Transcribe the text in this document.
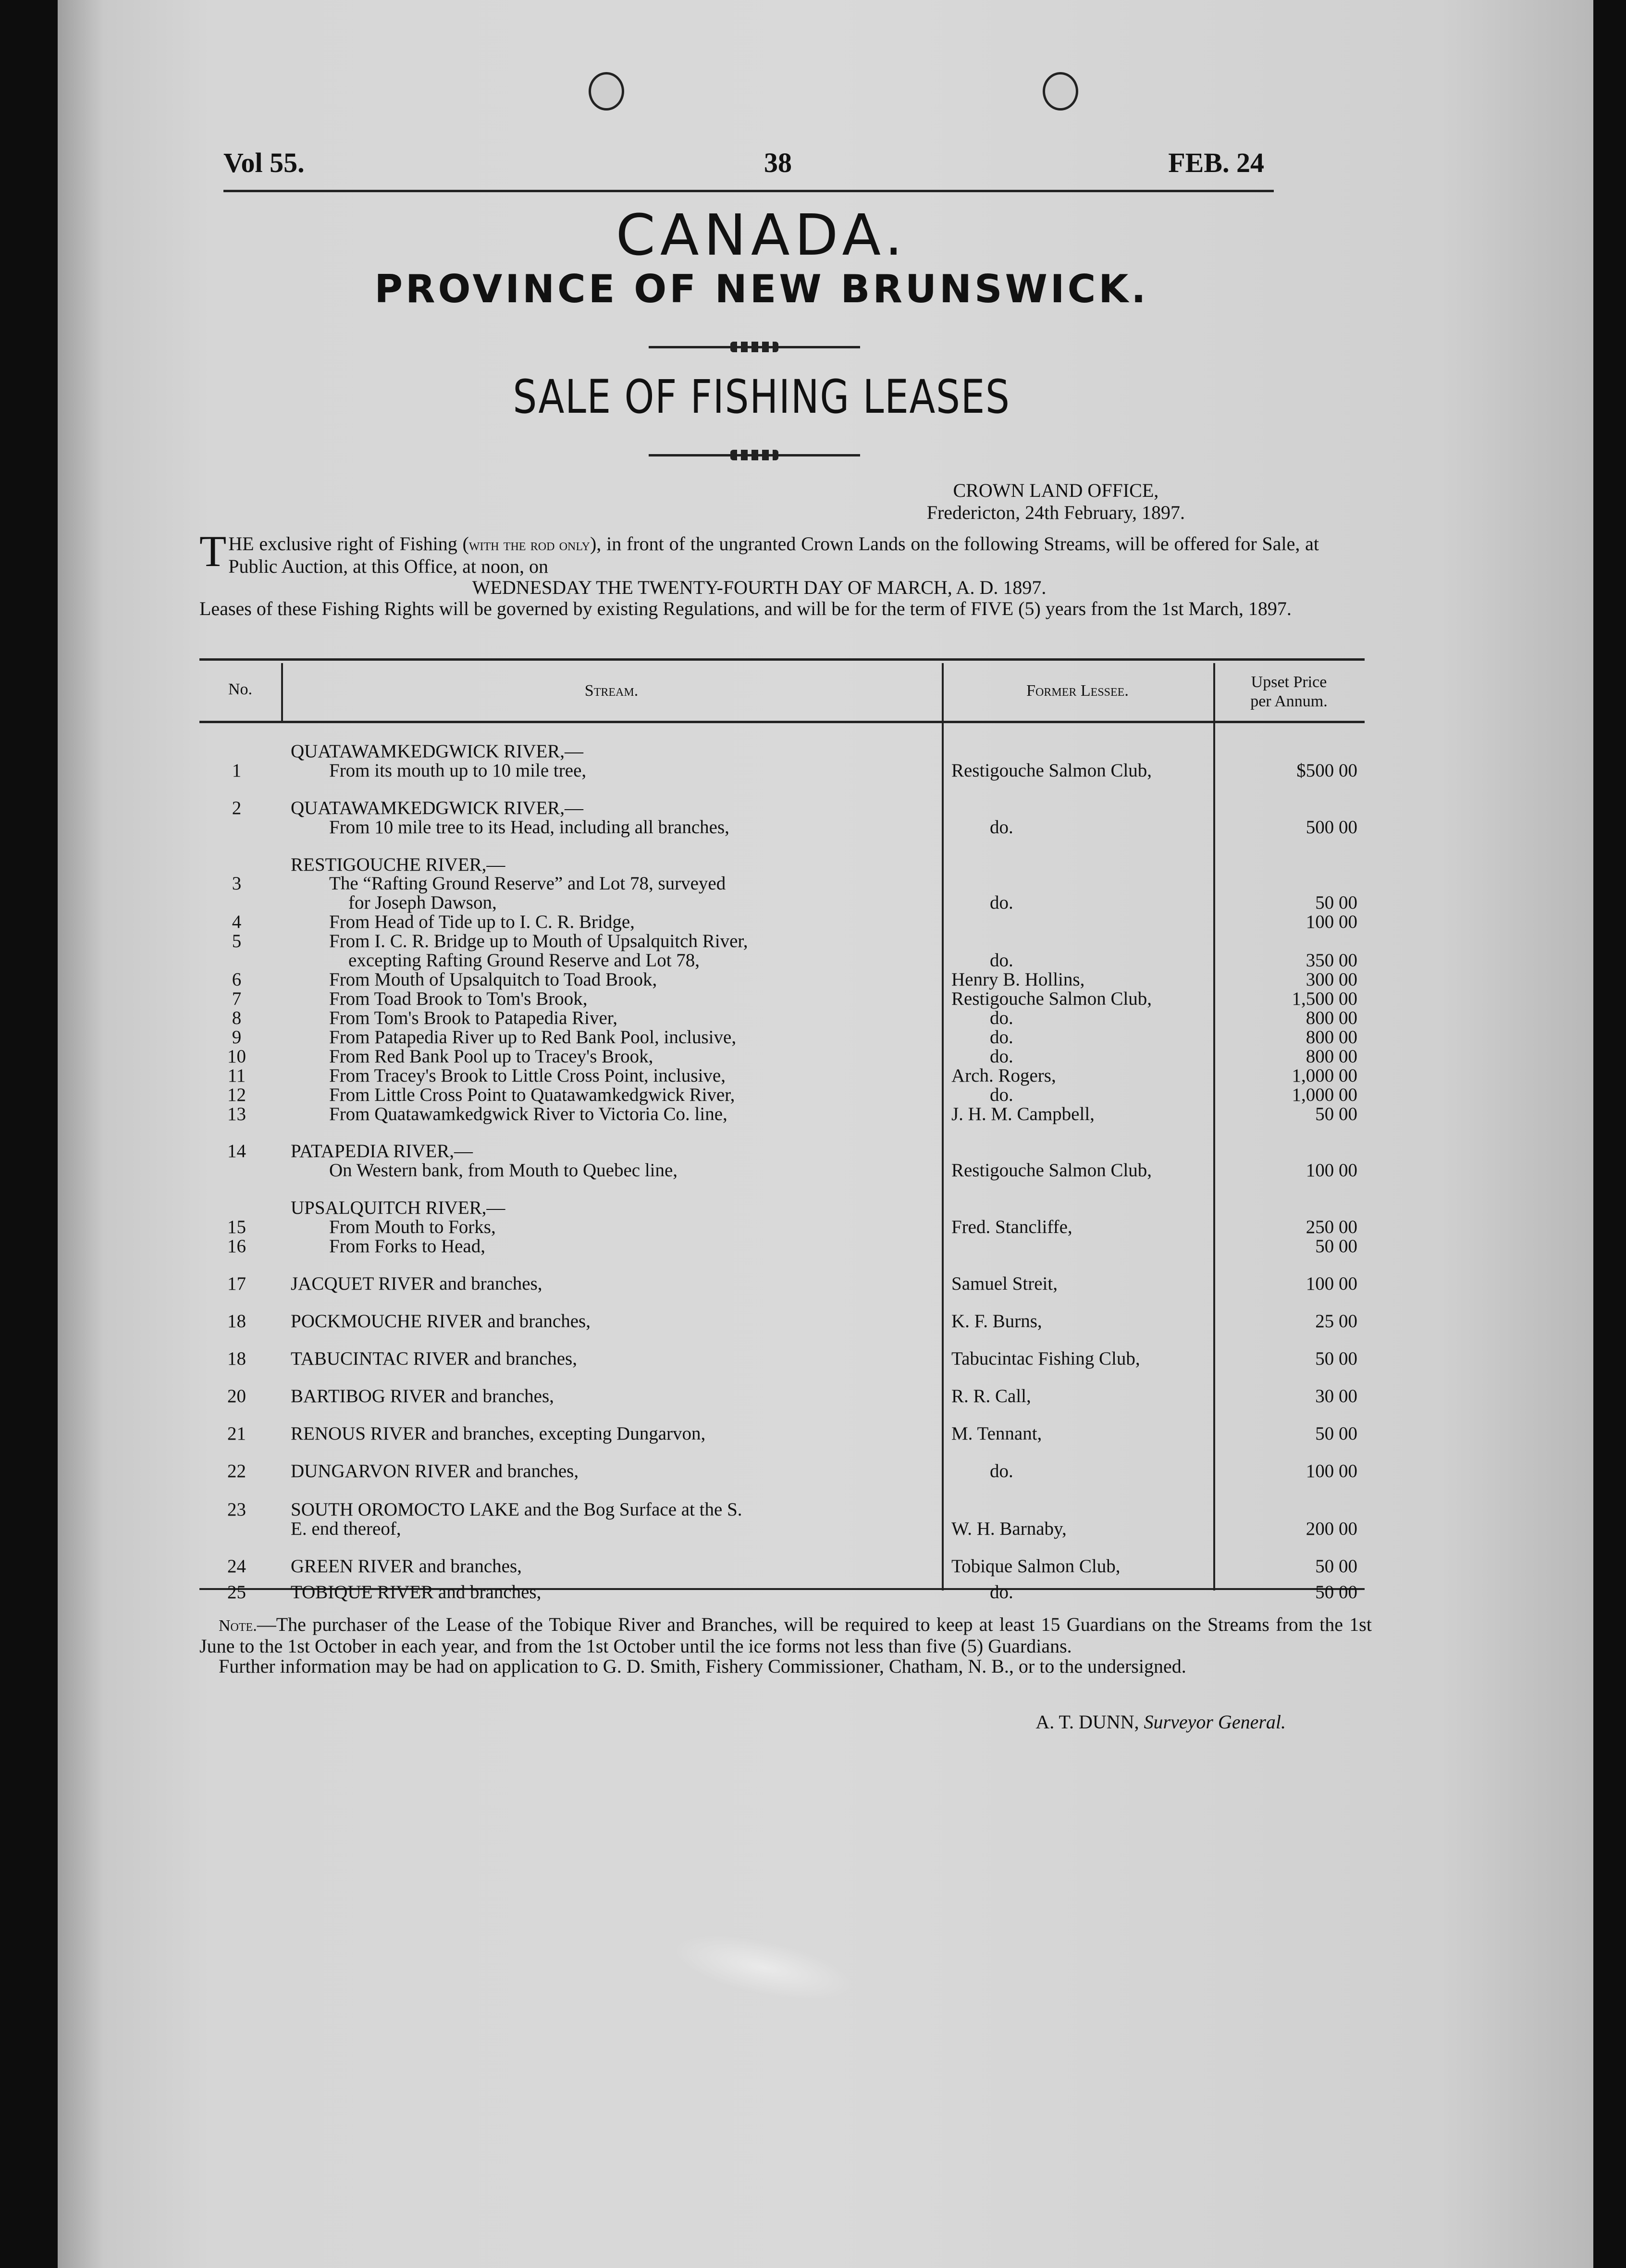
Vol 55.	38	FEB. 24
CANADA.
PROVINCE OF NEW BRUNSWICK.
SALE OF FISHING LEASES
CROWN LAND OFFICE,
Fredericton, 24th February, 1897.
T HE exclusive right of Fishing (with the rod only), in front of the ungranted Crown Lands on the following Streams, will be offered for Sale, at Public Auction, at this Office, at noon, on
WEDNESDAY THE TWENTY-FOURTH DAY OF MARCH, A. D. 1897.
Leases of these Fishing Rights will be governed by existing Regulations, and will be for the term of FIVE (5) years from the 1st March, 1897.
No.	Stream.	Former Lessee.	Upset Price
per Annum.
QUATAWAMKEDGWICK RIVER,—
1	From its mouth up to 10 mile tree,	Restigouche Salmon Club,	$500 00
2	QUATAWAMKEDGWICK RIVER,—
From 10 mile tree to its Head, including all branches,	do.	500 00
RESTIGOUCHE RIVER,—
3	The “Rafting Ground Reserve” and Lot 78, surveyed
for Joseph Dawson,	do.	50 00
4	From Head of Tide up to I. C. R. Bridge,	100 00
5	From I. C. R. Bridge up to Mouth of Upsalquitch River,
excepting Rafting Ground Reserve and Lot 78,	do.	350 00
6	From Mouth of Upsalquitch to Toad Brook,	Henry B. Hollins,	300 00
7	From Toad Brook to Tom's Brook,	Restigouche Salmon Club,	1,500 00
8	From Tom's Brook to Patapedia River,	do.	800 00
9	From Patapedia River up to Red Bank Pool, inclusive,	do.	800 00
10	From Red Bank Pool up to Tracey's Brook,	do.	800 00
11	From Tracey's Brook to Little Cross Point, inclusive,	Arch. Rogers,	1,000 00
12	From Little Cross Point to Quatawamkedgwick River,	do.	1,000 00
13	From Quatawamkedgwick River to Victoria Co. line,	J. H. M. Campbell,	50 00
14	PATAPEDIA RIVER,—
On Western bank, from Mouth to Quebec line,	Restigouche Salmon Club,	100 00
UPSALQUITCH RIVER,—
15	From Mouth to Forks,	Fred. Stancliffe,	250 00
16	From Forks to Head,	50 00
17	JACQUET RIVER and branches,	Samuel Streit,	100 00
18	POCKMOUCHE RIVER and branches,	K. F. Burns,	25 00
18	TABUCINTAC RIVER and branches,	Tabucintac Fishing Club,	50 00
20	BARTIBOG RIVER and branches,	R. R. Call,	30 00
21	RENOUS RIVER and branches, excepting Dungarvon,	M. Tennant,	50 00
22	DUNGARVON RIVER and branches,	do.	100 00
23	SOUTH OROMOCTO LAKE and the Bog Surface at the S.
E. end thereof,	W. H. Barnaby,	200 00
24	GREEN RIVER and branches,	Tobique Salmon Club,	50 00
25	TOBIQUE RIVER and branches,	do.	50 00

Note.—The purchaser of the Lease of the Tobique River and Branches, will be required to keep at least 15 Guardians on the Streams from the 1st June to the 1st October in each year, and from the 1st October until the ice forms not less than five (5) Guardians.

Further information may be had on application to G. D. Smith, Fishery Commissioner, Chatham, N. B., or to the undersigned.

A. T. DUNN, Surveyor General.
